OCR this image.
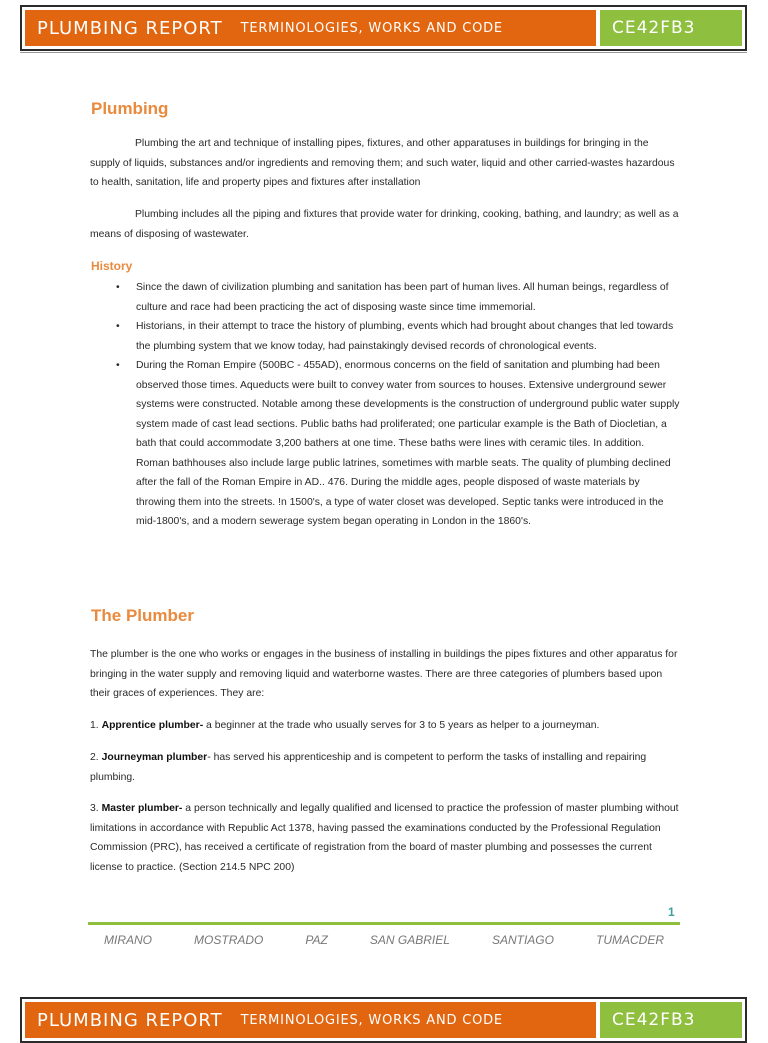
PLUMBING REPORT TERMINOLOGIES, WORKS AND CODE	CE42FB3
Plumbing
Plumbing the art and technique of installing pipes, fixtures, and other apparatuses in buildings for bringing in the supply of liquids, substances and/or ingredients and removing them; and such water, liquid and other carried-wastes hazardous to health, sanitation, life and property pipes and fixtures after installation
Plumbing includes all the piping and fixtures that provide water for drinking, cooking, bathing, and laundry; as well as a means of disposing of wastewater.
History
• Since the dawn of civilization plumbing and sanitation has been part of human lives. All human beings, regardless of culture and race had been practicing the act of disposing waste since time immemorial.
• Historians, in their attempt to trace the history of plumbing, events which had brought about changes that led towards the plumbing system that we know today, had painstakingly devised records of chronological events.
• During the Roman Empire (500BC - 455AD), enormous concerns on the field of sanitation and plumbing had been observed those times. Aqueducts were built to convey water from sources to houses. Extensive underground sewer systems were constructed. Notable among these developments is the construction of underground public water supply system made of cast lead sections. Public baths had proliferated; one particular example is the Bath of Diocletian, a bath that could accommodate 3,200 bathers at one time. These baths were lines with ceramic tiles. In addition. Roman bathhouses also include large public latrines, sometimes with marble seats. The quality of plumbing declined after the fall of the Roman Empire in AD.. 476. During the middle ages, people disposed of waste materials by throwing them into the streets. !n 1500's, a type of water closet was developed. Septic tanks were introduced in the mid-1800's, and a modern sewerage system began operating in London in the 1860's.
The Plumber
The plumber is the one who works or engages in the business of installing in buildings the pipes fixtures and other apparatus for bringing in the water supply and removing liquid and waterborne wastes. There are three categories of plumbers based upon their graces of experiences. They are:
1. Apprentice plumber- a beginner at the trade who usually serves for 3 to 5 years as helper to a journeyman.
2. Journeyman plumber- has served his apprenticeship and is competent to perform the tasks of installing and repairing plumbing.
3. Master plumber- a person technically and legally qualified and licensed to practice the profession of master plumbing without limitations in accordance with Republic Act 1378, having passed the examinations conducted by the Professional Regulation Commission (PRC), has received a certificate of registration from the board of master plumbing and possesses the current license to practice. (Section 214.5 NPC 200)
1
MIRANO	MOSTRADO	PAZ	SAN GABRIEL	SANTIAGO	TUMACDER
PLUMBING REPORT TERMINOLOGIES, WORKS AND CODE	CE42FB3
